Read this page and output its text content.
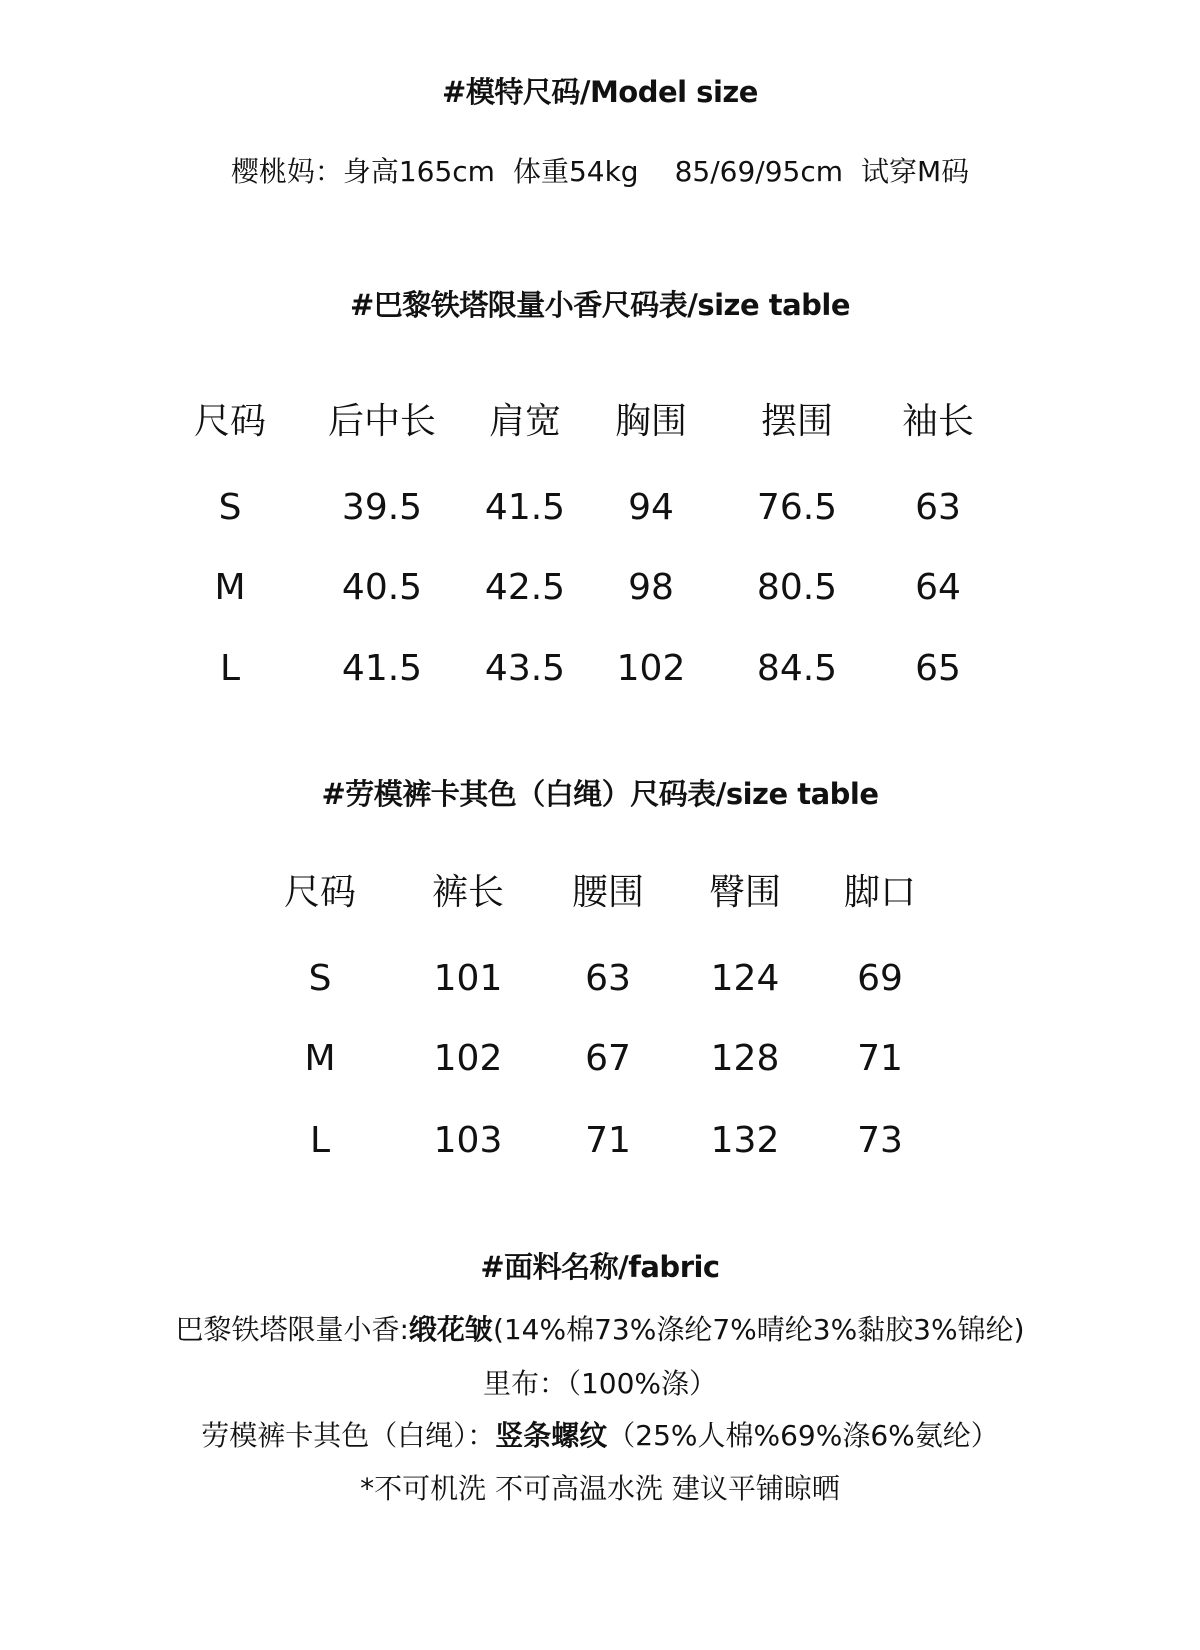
#模特尺码/Model size
樱桃妈：身高165cm 体重54kg 85/69/95cm 试穿M码
#巴黎铁塔限量小香尺码表/size table
尺码 后中长 肩宽 胸围 摆围 袖长
S	39.5 41.5 94 76.5 63
M	40.5 42.5 98 80.5 64
L	41.5 43.5 102 84.5 65
#劳模裤卡其色（白绳）尺码表/size table
尺码 裤长 腰围 臀围 脚口
S	101 63 124 69
M	102 67 128 71
L	103 71 132 73
#面料名称/fabric
巴黎铁塔限量小香:缎花皱(14%棉73%涤纶7%晴纶3%黏胶3%锦纶)
里布：（100%涤）
劳模裤卡其色（白绳）：竖条螺纹（25%人棉%69%涤6%氨纶）
*不可机洗 不可高温水洗 建议平铺晾晒
